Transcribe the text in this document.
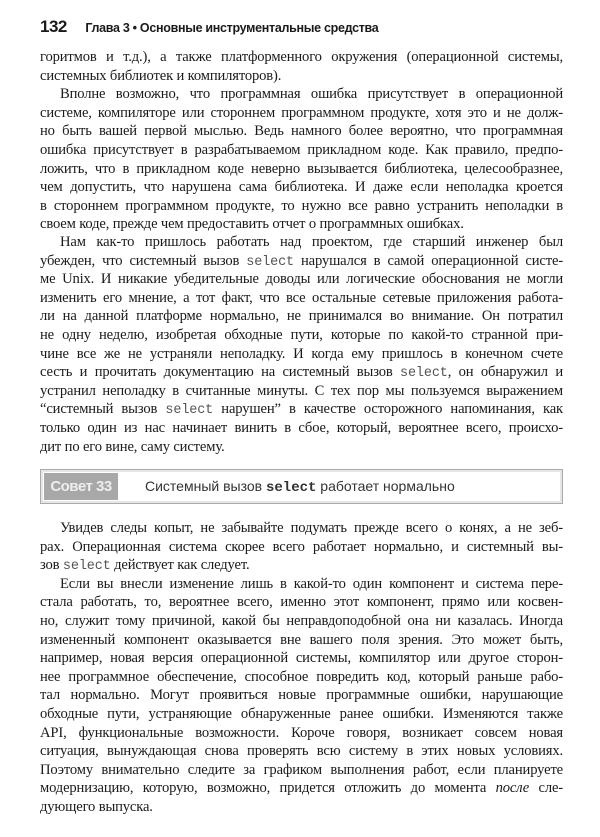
132 Глава 3 • Основные инструментальные средства
горитмов и т.д.), а также платформенного окружения (операционной системы,
системных библиотек и компиляторов).
Вполне возможно, что программная ошибка присутствует в операционной
системе, компиляторе или стороннем программном продукте, хотя это и не долж-
но быть вашей первой мыслью. Ведь намного более вероятно, что программная
ошибка присутствует в разрабатываемом прикладном коде. Как правило, предпо-
ложить, что в прикладном коде неверно вызывается библиотека, целесообразнее,
чем допустить, что нарушена сама библиотека. И даже если неполадка кроется
в стороннем программном продукте, то нужно все равно устранить неполадки в
своем коде, прежде чем предоставить отчет о программных ошибках.
Нам как-то пришлось работать над проектом, где старший инженер был
убежден, что системный вызов select нарушался в самой операционной систе-
ме Unix. И никакие убедительные доводы или логические обоснования не могли
изменить его мнение, а тот факт, что все остальные сетевые приложения работа-
ли на данной платформе нормально, не принимался во внимание. Он потратил
не одну неделю, изобретая обходные пути, которые по какой-то странной при-
чине все же не устраняли неполадку. И когда ему пришлось в конечном счете
сесть и прочитать документацию на системный вызов select, он обнаружил и
устранил неполадку в считанные минуты. С тех пор мы пользуемся выражением
“системный вызов select нарушен” в качестве осторожного напоминания, как
только один из нас начинает винить в сбое, который, вероятнее всего, происхо-
дит по его вине, саму систему.
Совет 33	Системный вызов select работает нормально
Увидев следы копыт, не забывайте подумать прежде всего о конях, а не зеб-
рах. Операционная система скорее всего работает нормально, и системный вы-
зов select действует как следует.
Если вы внесли изменение лишь в какой-то один компонент и система пере-
стала работать, то, вероятнее всего, именно этот компонент, прямо или косвен-
но, служит тому причиной, какой бы неправдоподобной она ни казалась. Иногда
измененный компонент оказывается вне вашего поля зрения. Это может быть,
например, новая версия операционной системы, компилятор или другое сторон-
нее программное обеспечение, способное повредить код, который раньше рабо-
тал нормально. Могут проявиться новые программные ошибки, нарушающие
обходные пути, устраняющие обнаруженные ранее ошибки. Изменяются также
API, функциональные возможности. Короче говоря, возникает совсем новая
ситуация, вынуждающая снова проверять всю систему в этих новых условиях.
Поэтому внимательно следите за графиком выполнения работ, если планируете
модернизацию, которую, возможно, придется отложить до момента после сле-
дующего выпуска.
